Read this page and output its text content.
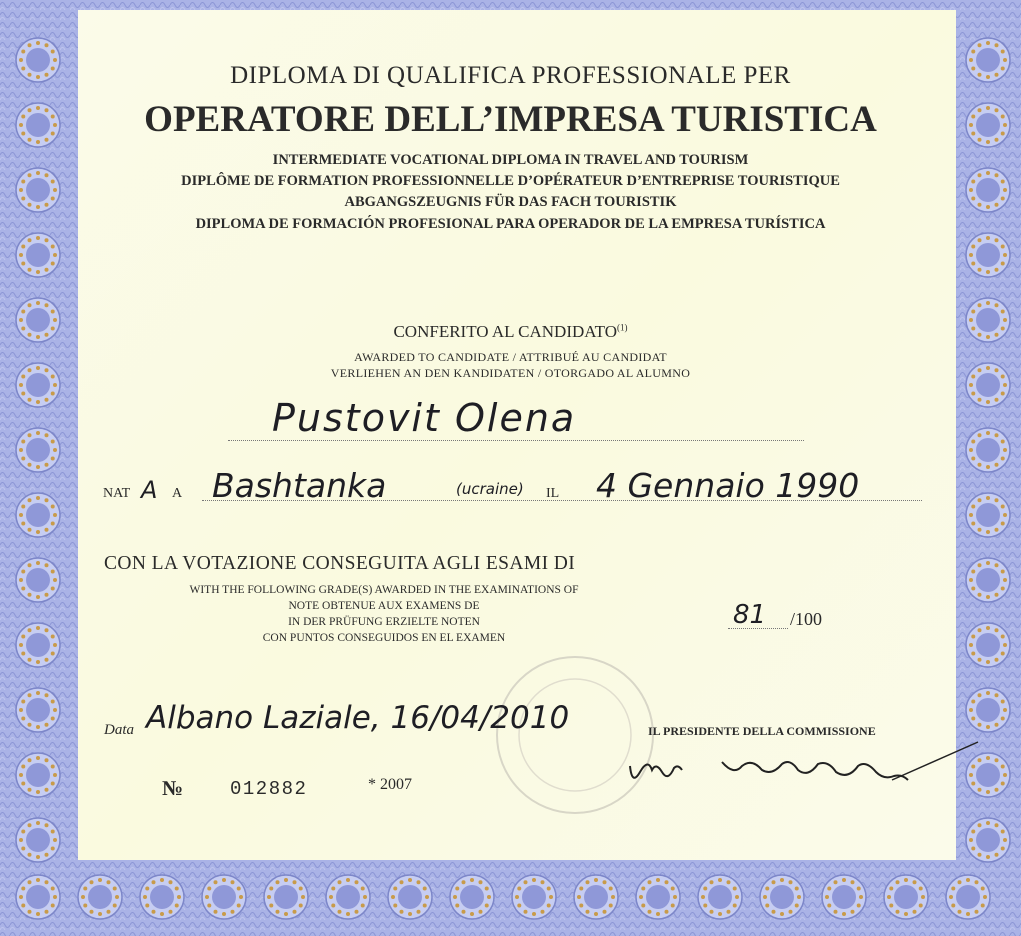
DIPLOMA DI QUALIFICA PROFESSIONALE PER
OPERATORE DELL’IMPRESA TURISTICA
INTERMEDIATE VOCATIONAL DIPLOMA IN TRAVEL AND TOURISM
DIPLÔME DE FORMATION PROFESSIONNELLE D’OPÉRATEUR D’ENTREPRISE TOURISTIQUE
ABGANGSZEUGNIS FÜR DAS FACH TOURISTIK
DIPLOMA DE FORMACIÓN PROFESIONAL PARA OPERADOR DE LA EMPRESA TURÍSTICA
CONFERITO AL CANDIDATO$^{(1)}$
AWARDED TO CANDIDATE / ATTRIBUÉ AU CANDIDAT
VERLIEHEN AN DEN KANDIDATEN / OTORGADO AL ALUMNO
Pustovit Olena
NAT A A Bashtanka	(ucraine) IL 4 Gennaio 1990
CON LA VOTAZIONE CONSEGUITA AGLI ESAMI DI
WITH THE FOLLOWING GRADE(S) AWARDED IN THE EXAMINATIONS OF
NOTE OBTENUE AUX EXAMENS DE
IN DER PRÜFUNG ERZIELTE NOTEN
CON PUNTOS CONSEGUIDOS EN EL EXAMEN
81 /100
Data Albano Laziale, 16/04/2010	IL PRESIDENTE DELLA COMMISSIONE
№ 012882	* 2007
